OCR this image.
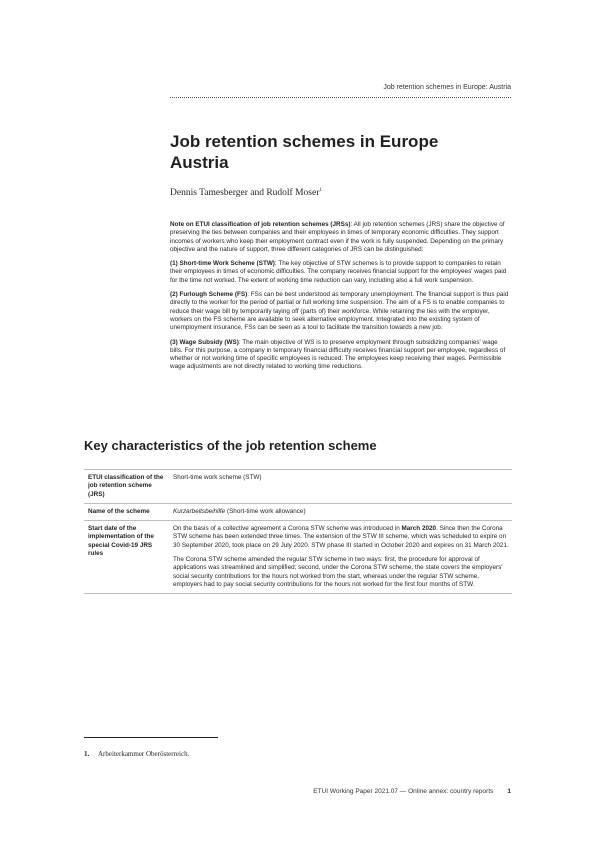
Job retention schemes in Europe: Austria
Job retention schemes in Europe
Austria
Dennis Tamesberger and Rudolf Moser$^1$

Note on ETUI classification of job retention schemes (JRSs): All job retention schemes (JRS) share the objective of preserving the ties between companies and their employees in times of temporary economic difficulties. They support incomes of workers who keep their employment contract even if the work is fully suspended. Depending on the primary objective and the nature of support, three different categories of JRS can be distinguished:

(1) Short-time Work Scheme (STW): The key objective of STW schemes is to provide support to companies to retain their employees in times of economic difficulties. The company receives financial support for the employees' wages paid for the time not worked. The extent of working time reduction can vary, including also a full work suspension.

(2) Furlough Scheme (FS): FSs can be best understood as temporary unemployment. The financial support is thus paid directly to the worker for the period of partial or full working time suspension. The aim of a FS is to enable companies to reduce their wage bill by temporarily laying off (parts of) their workforce. While retaining the ties with the employer, workers on the FS scheme are available to seek alternative employment. Integrated into the existing system of unemployment insurance, FSs can be seen as a tool to facilitate the transition towards a new job.

(3) Wage Subsidy (WS): The main objective of WS is to preserve employment through subsidizing companies' wage bills. For this purpose, a company in temporary financial difficulty receives financial support per employee, regardless of whether or not working time of specific employees is reduced. The employees keep receiving their wages. Permissible wage adjustments are not directly related to working time reductions.

Key characteristics of the job retention scheme
ETUI classification of the job retention scheme (JRS)	Short-time work scheme (STW)
Name of the scheme	Kurzarbeitsbeihilfe (Short-time work allowance)
Start date of the implementation of the special Covid-19 JRS rules	On the basis of a collective agreement a Corona STW scheme was introduced in March 2020. Since then the Corona STW scheme has been extended three times. The extension of the STW III scheme, which was scheduled to expire on 30 September 2020, took place on 29 July 2020. STW phase III started in October 2020 and expires on 31 March 2021.

The Corona STW scheme amended the regular STW scheme in two ways: first, the procedure for approval of applications was streamlined and simplified; second, under the Corona STW scheme, the state covers the employers' social security contributions for the hours not worked from the start, whereas under the regular STW scheme, employers had to pay social security contributions for the hours not worked for the first four months of STW.

1. Arbeiterkammer Oberösterreich.
ETUI Working Paper 2021.07 — Online annex: country reports 1
